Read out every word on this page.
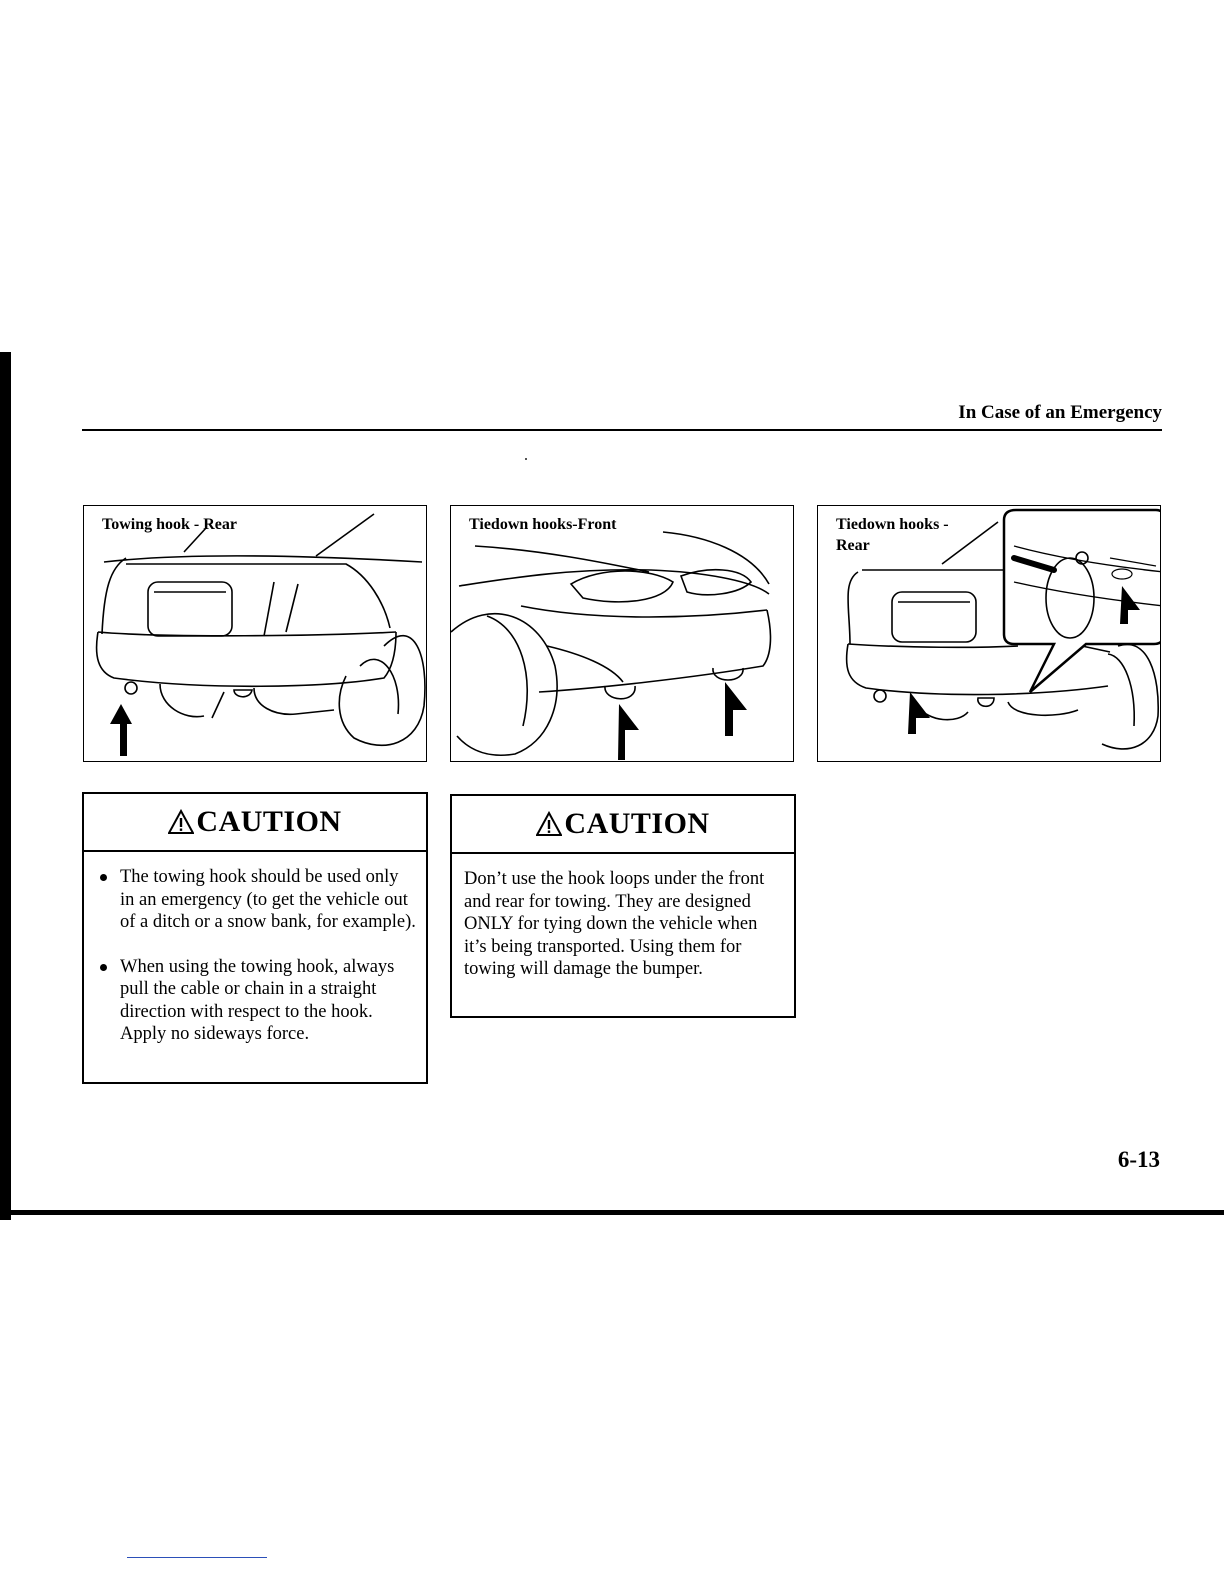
In Case of an Emergency
Towing hook - Rear	Tiedown hooks-Front	Tiedown hooks -
Rear
CAUTION
The towing hook should be used only in an emergency (to get the vehicle out of a ditch or a snow bank, for example).
When using the towing hook, always pull the cable or chain in a straight direction with respect to the hook. Apply no sideways force.
CAUTION

Don’t use the hook loops under the front and rear for towing. They are designed ONLY for tying down the vehicle when it’s being transported. Using them for towing will damage the bumper.

6-13
